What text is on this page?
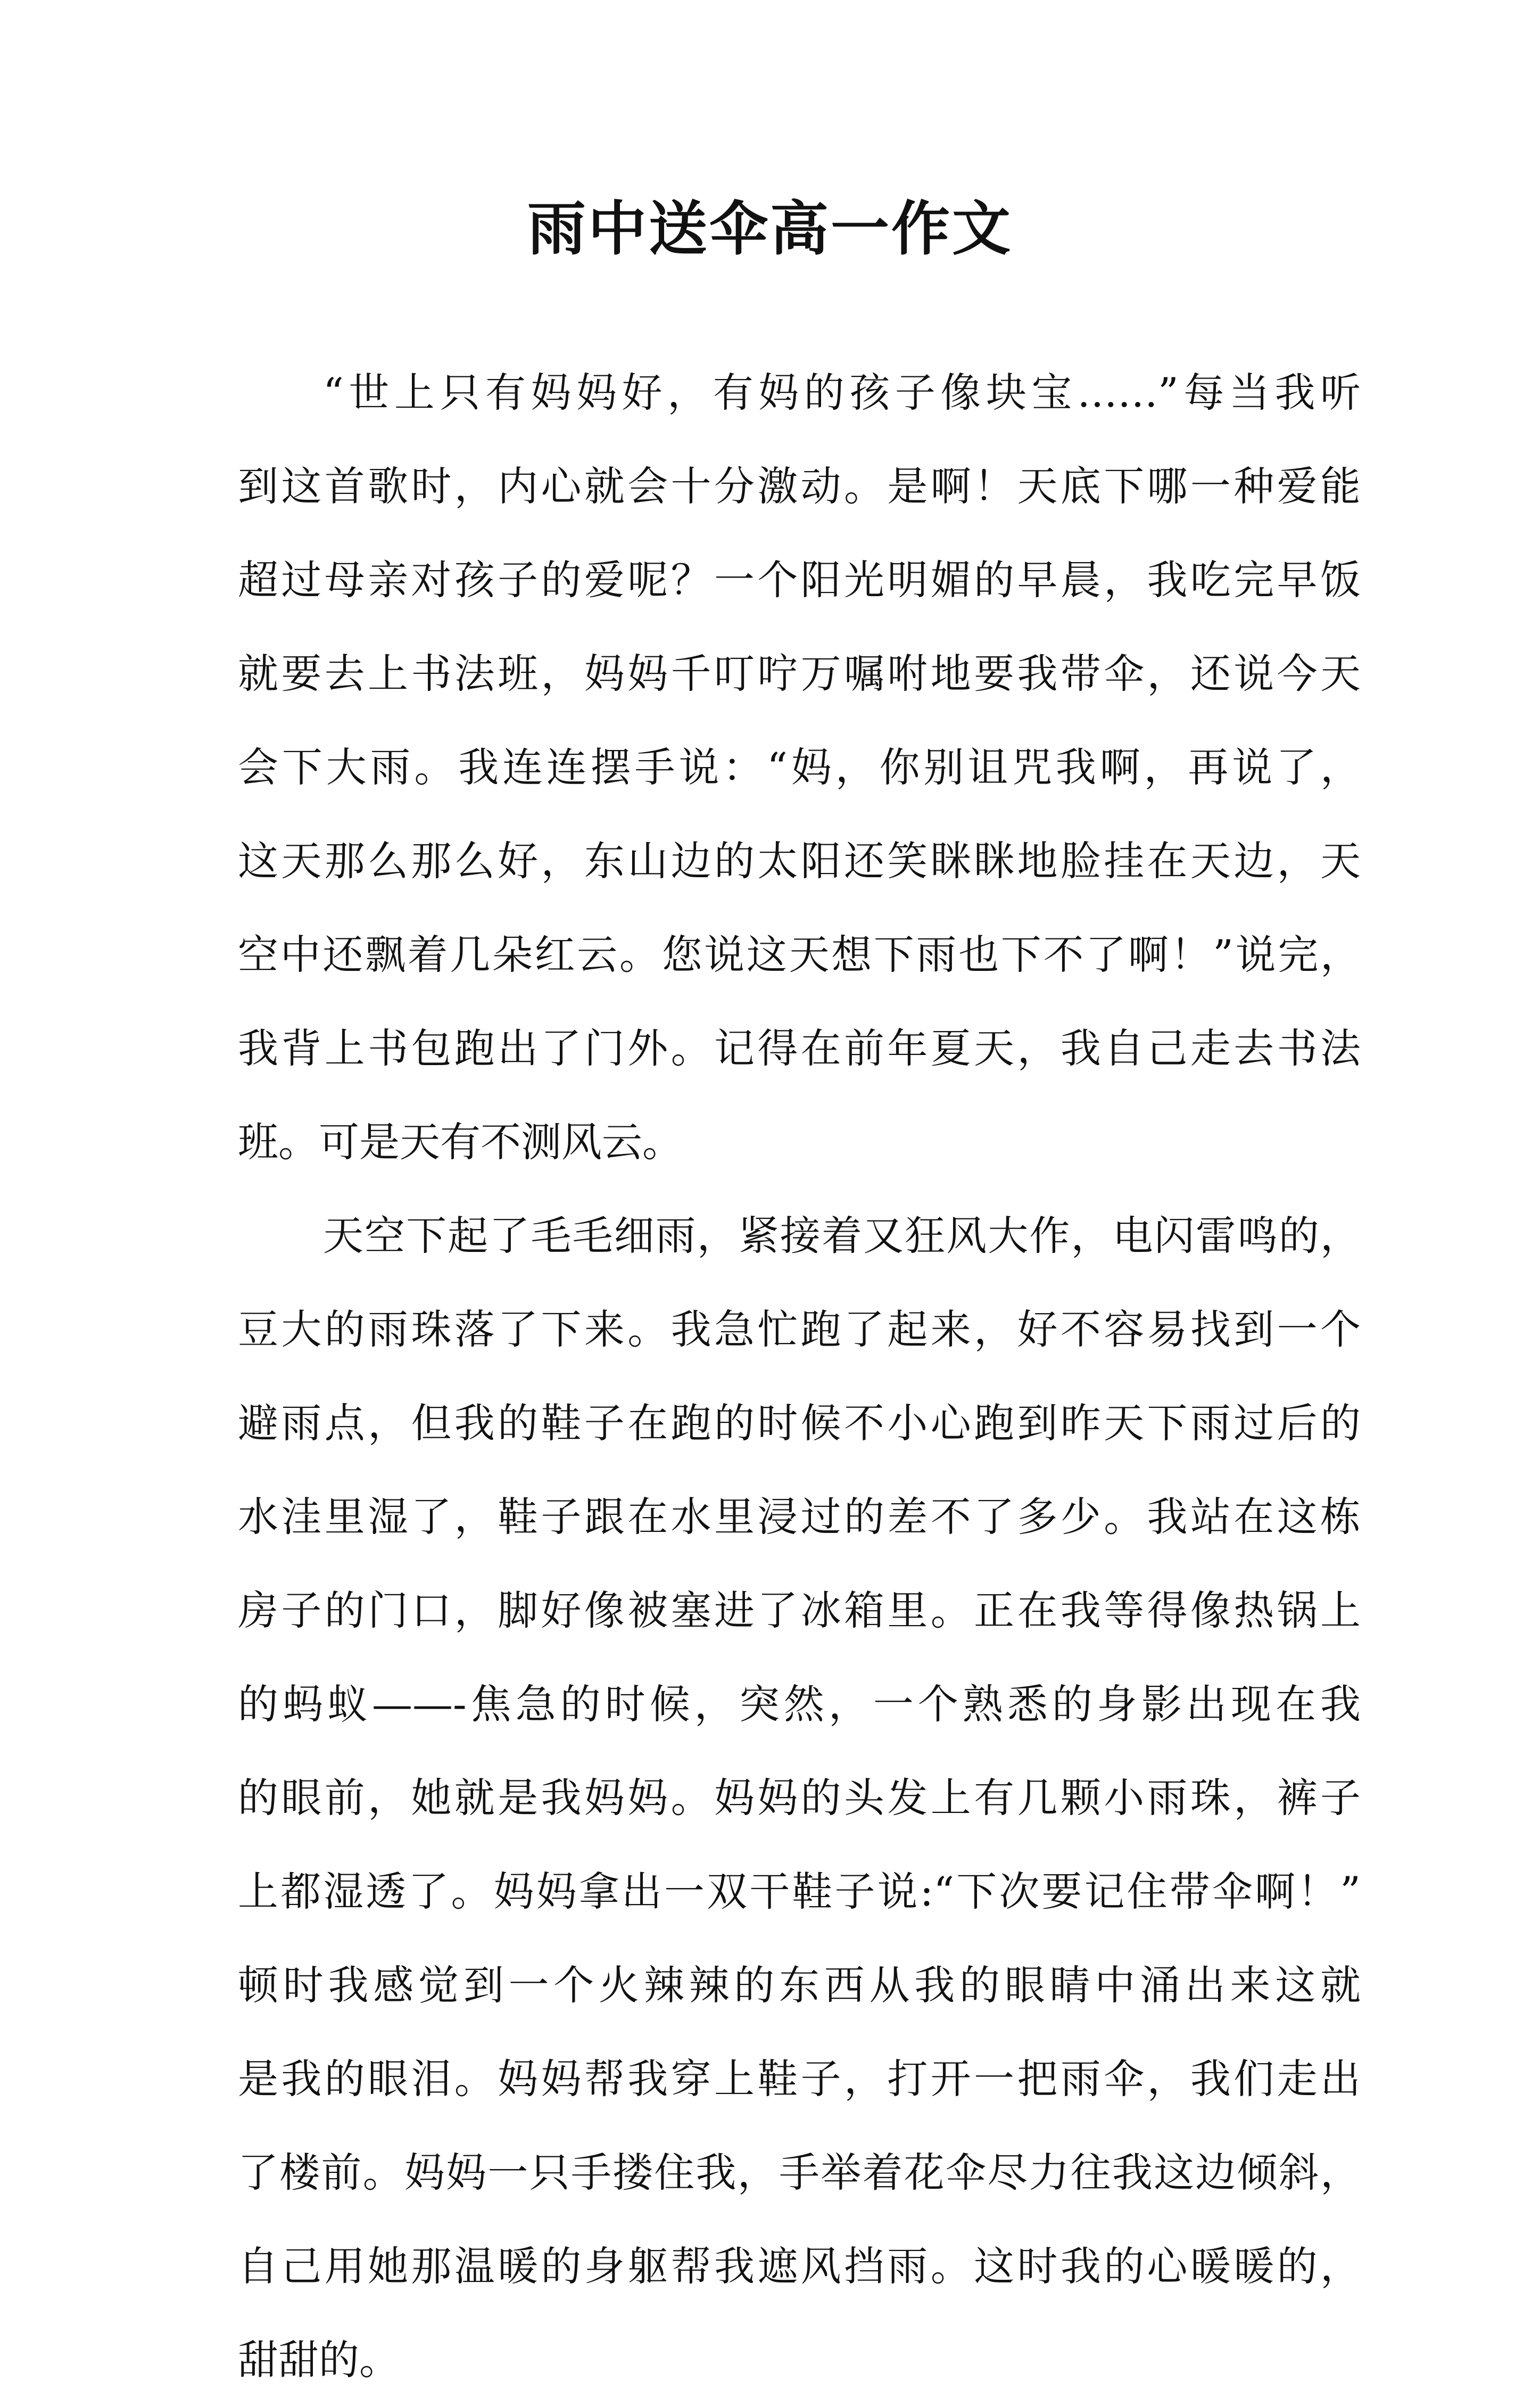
雨中送伞高一作文
“世上只有妈妈好，有妈的孩子像块宝……”每当我听
到这首歌时，内心就会十分激动。是啊！天底下哪一种爱能
超过母亲对孩子的爱呢？一个阳光明媚的早晨，我吃完早饭
就要去上书法班，妈妈千叮咛万嘱咐地要我带伞，还说今天
会下大雨。我连连摆手说：“妈，你别诅咒我啊，再说了，
这天那么那么好，东山边的太阳还笑眯眯地脸挂在天边，天
空中还飘着几朵红云。您说这天想下雨也下不了啊！”说完，
我背上书包跑出了门外。记得在前年夏天，我自己走去书法
班。可是天有不测风云。
天空下起了毛毛细雨，紧接着又狂风大作，电闪雷鸣的，
豆大的雨珠落了下来。我急忙跑了起来，好不容易找到一个
避雨点，但我的鞋子在跑的时候不小心跑到昨天下雨过后的
水洼里湿了，鞋子跟在水里浸过的差不了多少。我站在这栋
房子的门口，脚好像被塞进了冰箱里。正在我等得像热锅上
的蚂蚁——-焦急的时候，突然，一个熟悉的身影出现在我
的眼前，她就是我妈妈。妈妈的头发上有几颗小雨珠，裤子
上都湿透了。妈妈拿出一双干鞋子说:“下次要记住带伞啊！”
顿时我感觉到一个火辣辣的东西从我的眼睛中涌出来这就
是我的眼泪。妈妈帮我穿上鞋子，打开一把雨伞，我们走出
了楼前。妈妈一只手搂住我，手举着花伞尽力往我这边倾斜，
自己用她那温暖的身躯帮我遮风挡雨。这时我的心暖暖的，
甜甜的。
